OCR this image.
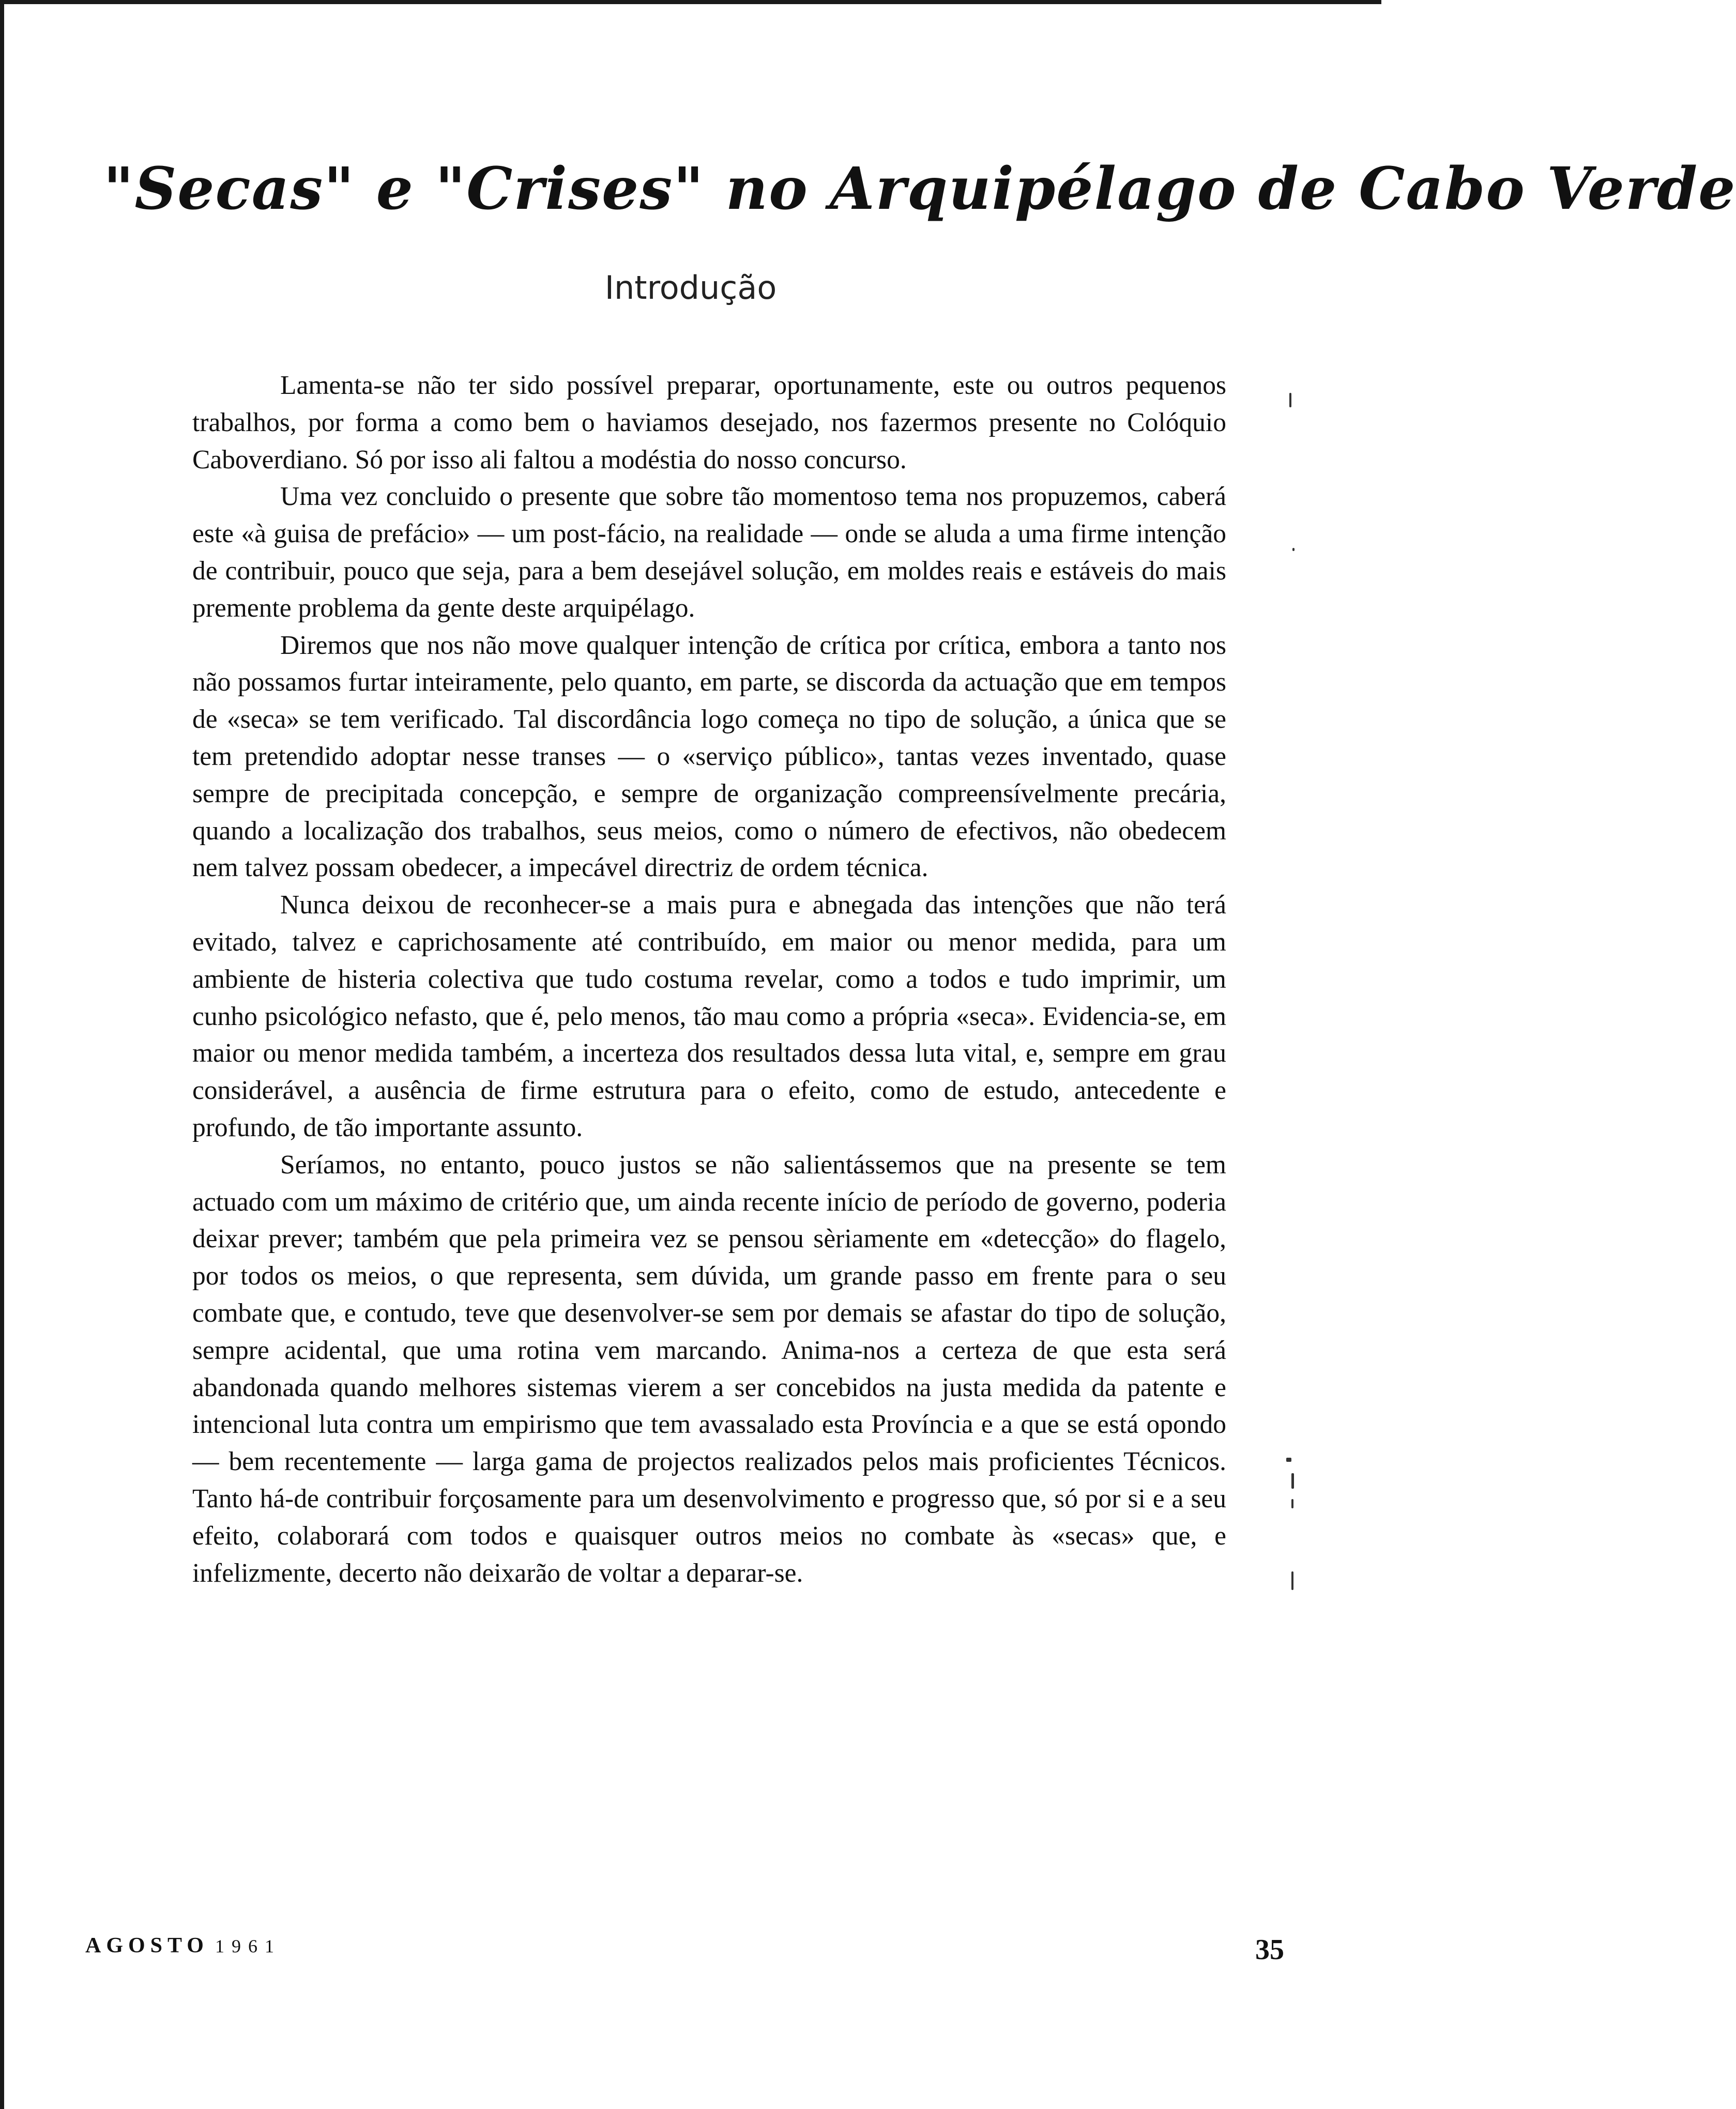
"Secas" e "Crises" no Arquipélago de Cabo Verde
Introdução

Lamenta-se não ter sido possível preparar, oportunamente, este ou outros pequenos trabalhos, por forma a como bem o haviamos desejado, nos fazermos presente no Colóquio Caboverdiano. Só por isso ali faltou a modéstia do nosso concurso.

Uma vez concluido o presente que sobre tão momentoso tema nos propuzemos, caberá este «à guisa de prefácio» — um post-fácio, na realidade — onde se aluda a uma firme intenção de contribuir, pouco que seja, para a bem desejável solução, em moldes reais e estáveis do mais premente problema da gente deste arquipélago.

Diremos que nos não move qualquer intenção de crítica por crítica, embora a tanto nos não possamos furtar inteiramente, pelo quanto, em parte, se discorda da actuação que em tempos de «seca» se tem verificado. Tal discordância logo começa no tipo de solução, a única que se tem pretendido adoptar nesse transes — o «serviço público», tantas vezes inventado, quase sempre de precipitada concepção, e sempre de organização compreensívelmente precária, quando a localização dos trabalhos, seus meios, como o número de efectivos, não obedecem nem talvez possam obedecer, a impecável directriz de ordem técnica.

Nunca deixou de reconhecer-se a mais pura e abnegada das intenções que não terá evitado, talvez e caprichosamente até contribuído, em maior ou menor medida, para um ambiente de histeria colectiva que tudo costuma revelar, como a todos e tudo imprimir, um cunho psicológico nefasto, que é, pelo menos, tão mau como a própria «seca». Evidencia-se, em maior ou menor medida também, a incerteza dos resultados dessa luta vital, e, sempre em grau considerável, a ausência de firme estrutura para o efeito, como de estudo, antecedente e profundo, de tão importante assunto.

Seríamos, no entanto, pouco justos se não salientássemos que na presente se tem actuado com um máximo de critério que, um ainda recente início de período de governo, poderia deixar prever; também que pela primeira vez se pensou sèriamente em «detecção» do flagelo, por todos os meios, o que representa, sem dúvida, um grande passo em frente para o seu combate que, e contudo, teve que desenvolver-se sem por demais se afastar do tipo de solução, sempre acidental, que uma rotina vem marcando. Anima-nos a certeza de que esta será abandonada quando melhores sistemas vierem a ser concebidos na justa medida da patente e intencional luta contra um empirismo que tem avassalado esta Província e a que se está opondo — bem recentemente — larga gama de projectos realizados pelos mais proficientes Técnicos. Tanto há-de contribuir forçosamente para um desenvolvimento e progresso que, só por si e a seu efeito, colaborará com todos e quaisquer outros meios no combate às «secas» que, e infelizmente, decerto não deixarão de voltar a deparar-se.

AGOSTO 1961	35
